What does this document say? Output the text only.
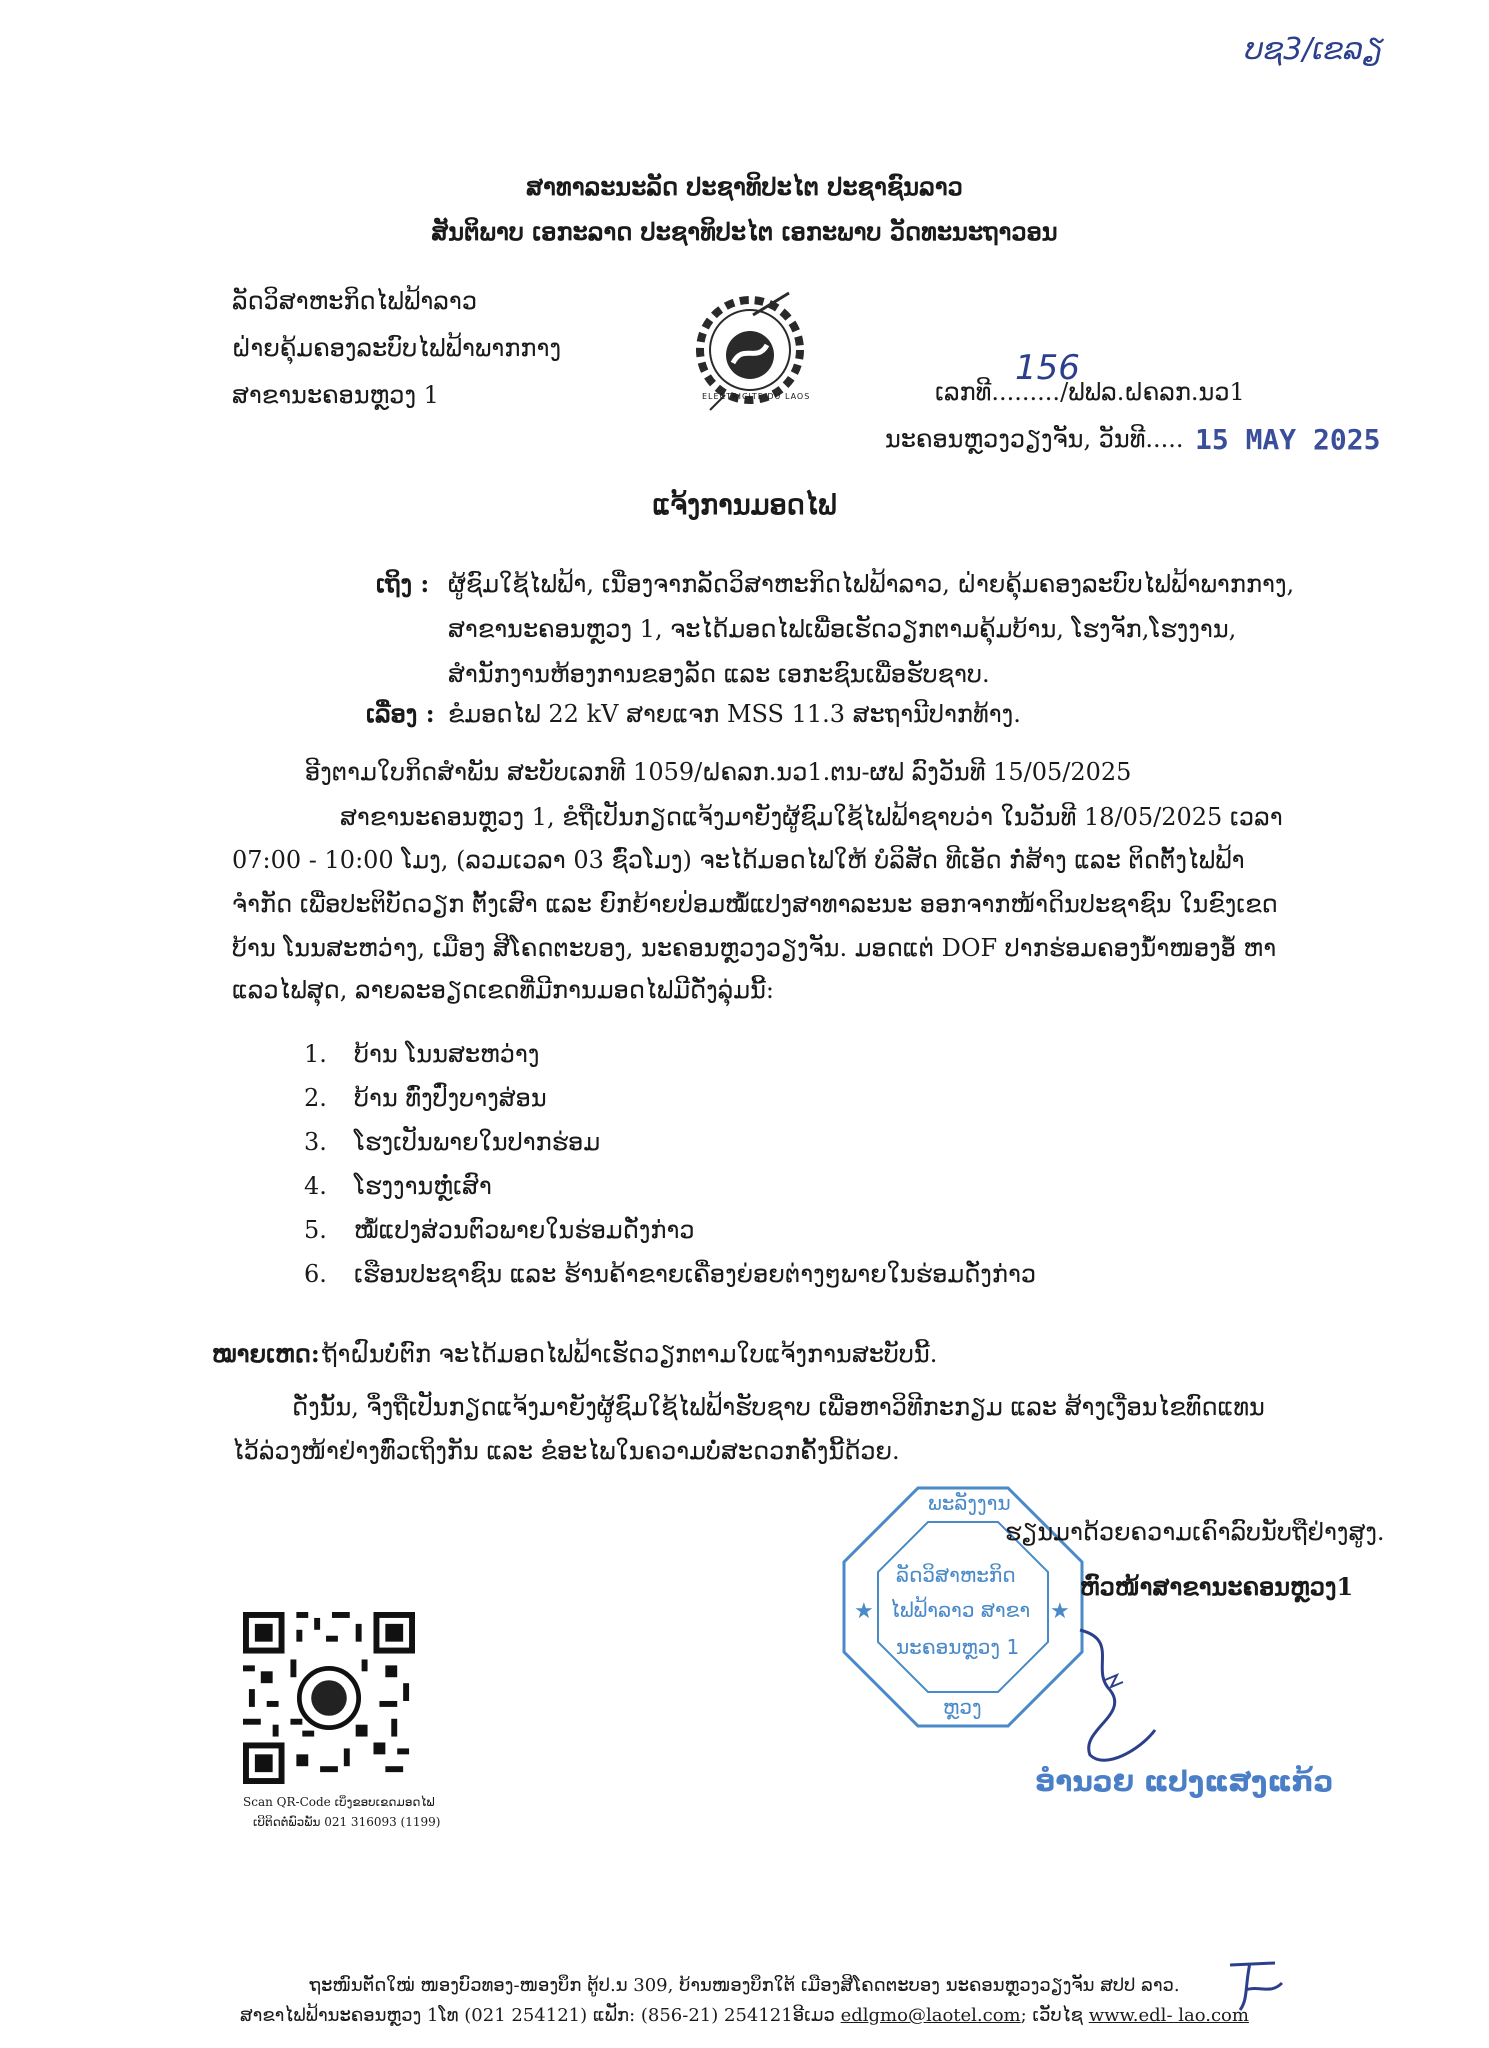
ບຊ3/ເຂລຽ
ສາທາລະນະລັດ ປະຊາທິປະໄຕ ປະຊາຊົນລາວ
ສັນຕິພາບ ເອກະລາດ ປະຊາທິປະໄຕ ເອກະພາບ ວັດທະນະຖາວອນ
ລັດວິສາຫະກິດໄຟຟ້າລາວ
ຝ່າຍຄຸ້ມຄອງລະບົບໄຟຟ້າພາກກາງ
ສາຂານະຄອນຫຼວງ 1	ELECTRICITE DU LAOS	ເລກທີ........./ຟຟລ.ຝຄລກ.ນວ1
156
ນະຄອນຫຼວງວຽງຈັນ, ວັນທີ..... 15 MAY 2025
ແຈ້ງການມອດໄຟ
ເຖິງ : ຜູ້ຊົມໃຊ້ໄຟຟ້າ, ເນື່ອງຈາກລັດວິສາຫະກິດໄຟຟ້າລາວ, ຝ່າຍຄຸ້ມຄອງລະບົບໄຟຟ້າພາກກາງ,
ສາຂານະຄອນຫຼວງ 1, ຈະໄດ້ມອດໄຟເພື່ອເຮັດວຽກຕາມຄຸ້ມບ້ານ, ໂຮງຈັກ,ໂຮງງານ,
ສຳນັກງານຫ້ອງການຂອງລັດ ແລະ ເອກະຊົນເພື່ອຮັບຊາບ.
ເລື່ອງ : ຂໍມອດໄຟ 22 kV ສາຍແຈກ MSS 11.3 ສະຖານີປາກທ້າງ.
ອີງຕາມໃບກິດສຳພັນ ສະບັບເລກທີ 1059/ຝຄລກ.ນວ1.ຕນ-ຜຟ ລົງວັນທີ 15/05/2025
ສາຂານະຄອນຫຼວງ 1, ຂໍຖືເປັນກຽດແຈ້ງມາຍັງຜູ້ຊົມໃຊ້ໄຟຟ້າຊາບວ່າ ໃນວັນທີ 18/05/2025 ເວລາ
07:00 - 10:00 ໂມງ, (ລວມເວລາ 03 ຊົ່ວໂມງ) ຈະໄດ້ມອດໄຟໃຫ້ ບໍລິສັດ ທີເອັດ ກໍ່ສ້າງ ແລະ ຕິດຕັ້ງໄຟຟ້າ
ຈຳກັດ ເພື່ອປະຕິບັດວຽກ ຕັ້ງເສົາ ແລະ ຍົກຍ້າຍປ່ອມໝໍ້ແປງສາທາລະນະ ອອກຈາກໜ້າດິນປະຊາຊົນ ໃນຂົງເຂດ
ບ້ານ ໂນນສະຫວ່າງ, ເມືອງ ສີໂຄດຕະບອງ, ນະຄອນຫຼວງວຽງຈັນ. ມອດແຕ່ DOF ປາກຮ່ອມຄອງນ້ຳໜອງອໍ້ ຫາ
ແລວໄຟສຸດ, ລາຍລະອຽດເຂດທີ່ມີການມອດໄຟມີດັ່ງລຸ່ມນີ້:
1. ບ້ານ ໂນນສະຫວ່າງ
2. ບ້ານ ທົ່ງປົ່ງບາງສ່ອນ
3. ໂຮງເປັນພາຍໃນປາກຮ່ອມ
4. ໂຮງງານຫຼໍ່ເສົາ
5. ໝໍ້ແປງສ່ວນຕົວພາຍໃນຮ່ອມດັ່ງກ່າວ
6. ເຮືອນປະຊາຊົນ ແລະ ຮ້ານຄ້າຂາຍເຄື່ອງຍ່ອຍຕ່າງໆພາຍໃນຮ່ອມດັ່ງກ່າວ
ໝາຍເຫດ: ຖ້າຝົນບໍ່ຕົກ ຈະໄດ້ມອດໄຟຟ້າເຮັດວຽກຕາມໃບແຈ້ງການສະບັບນີ້.
ດັ່ງນັ້ນ, ຈຶ່ງຖືເປັນກຽດແຈ້ງມາຍັງຜູ້ຊົມໃຊ້ໄຟຟ້າຮັບຊາບ ເພື່ອຫາວິທີກະກຽມ ແລະ ສ້າງເງື່ອນໄຂທົດແທນ
ໄວ້ລ່ວງໜ້າຢ່າງທົ່ວເຖິງກັນ ແລະ ຂໍອະໄພໃນຄວາມບໍ່ສະດວກຄັ້ງນີ້ດ້ວຍ.
ພະລັງງານ
ລັດວິສາຫະກິດ
ໄຟຟ້າລາວ ສາຂາ
ນະຄອນຫຼວງ 1
ຫຼວງ
★	★
ຮຽນມາດ້ວຍຄວາມເຄົາລົບນັບຖືຢ່າງສູງ.
ຫົວໜ້າສາຂານະຄອນຫຼວງ1
ອຳນວຍ ແປງແສງແກ້ວ
Scan QR-Code ເບິ່ງຂອບເຂດມອດໄຟ
ເບີຕິດຕໍ່ພົວພັນ 021 316093 (1199)
ຖະໜົນຕັດໃໝ່ ໜອງບົວທອງ-ໜອງບຶກ ຕູ້ປ.ນ 309, ບ້ານໜອງບຶກໃຕ້ ເມືອງສີໂຄດຕະບອງ ນະຄອນຫຼວງວຽງຈັນ ສປປ ລາວ.
ສາຂາໄຟຟ້ານະຄອນຫຼວງ 1ໂທ (021 254121) ແຟັກ: (856-21) 254121ອີເມວ edlgmo@laotel.com; ເວັບໄຊ www.edl- lao.com
